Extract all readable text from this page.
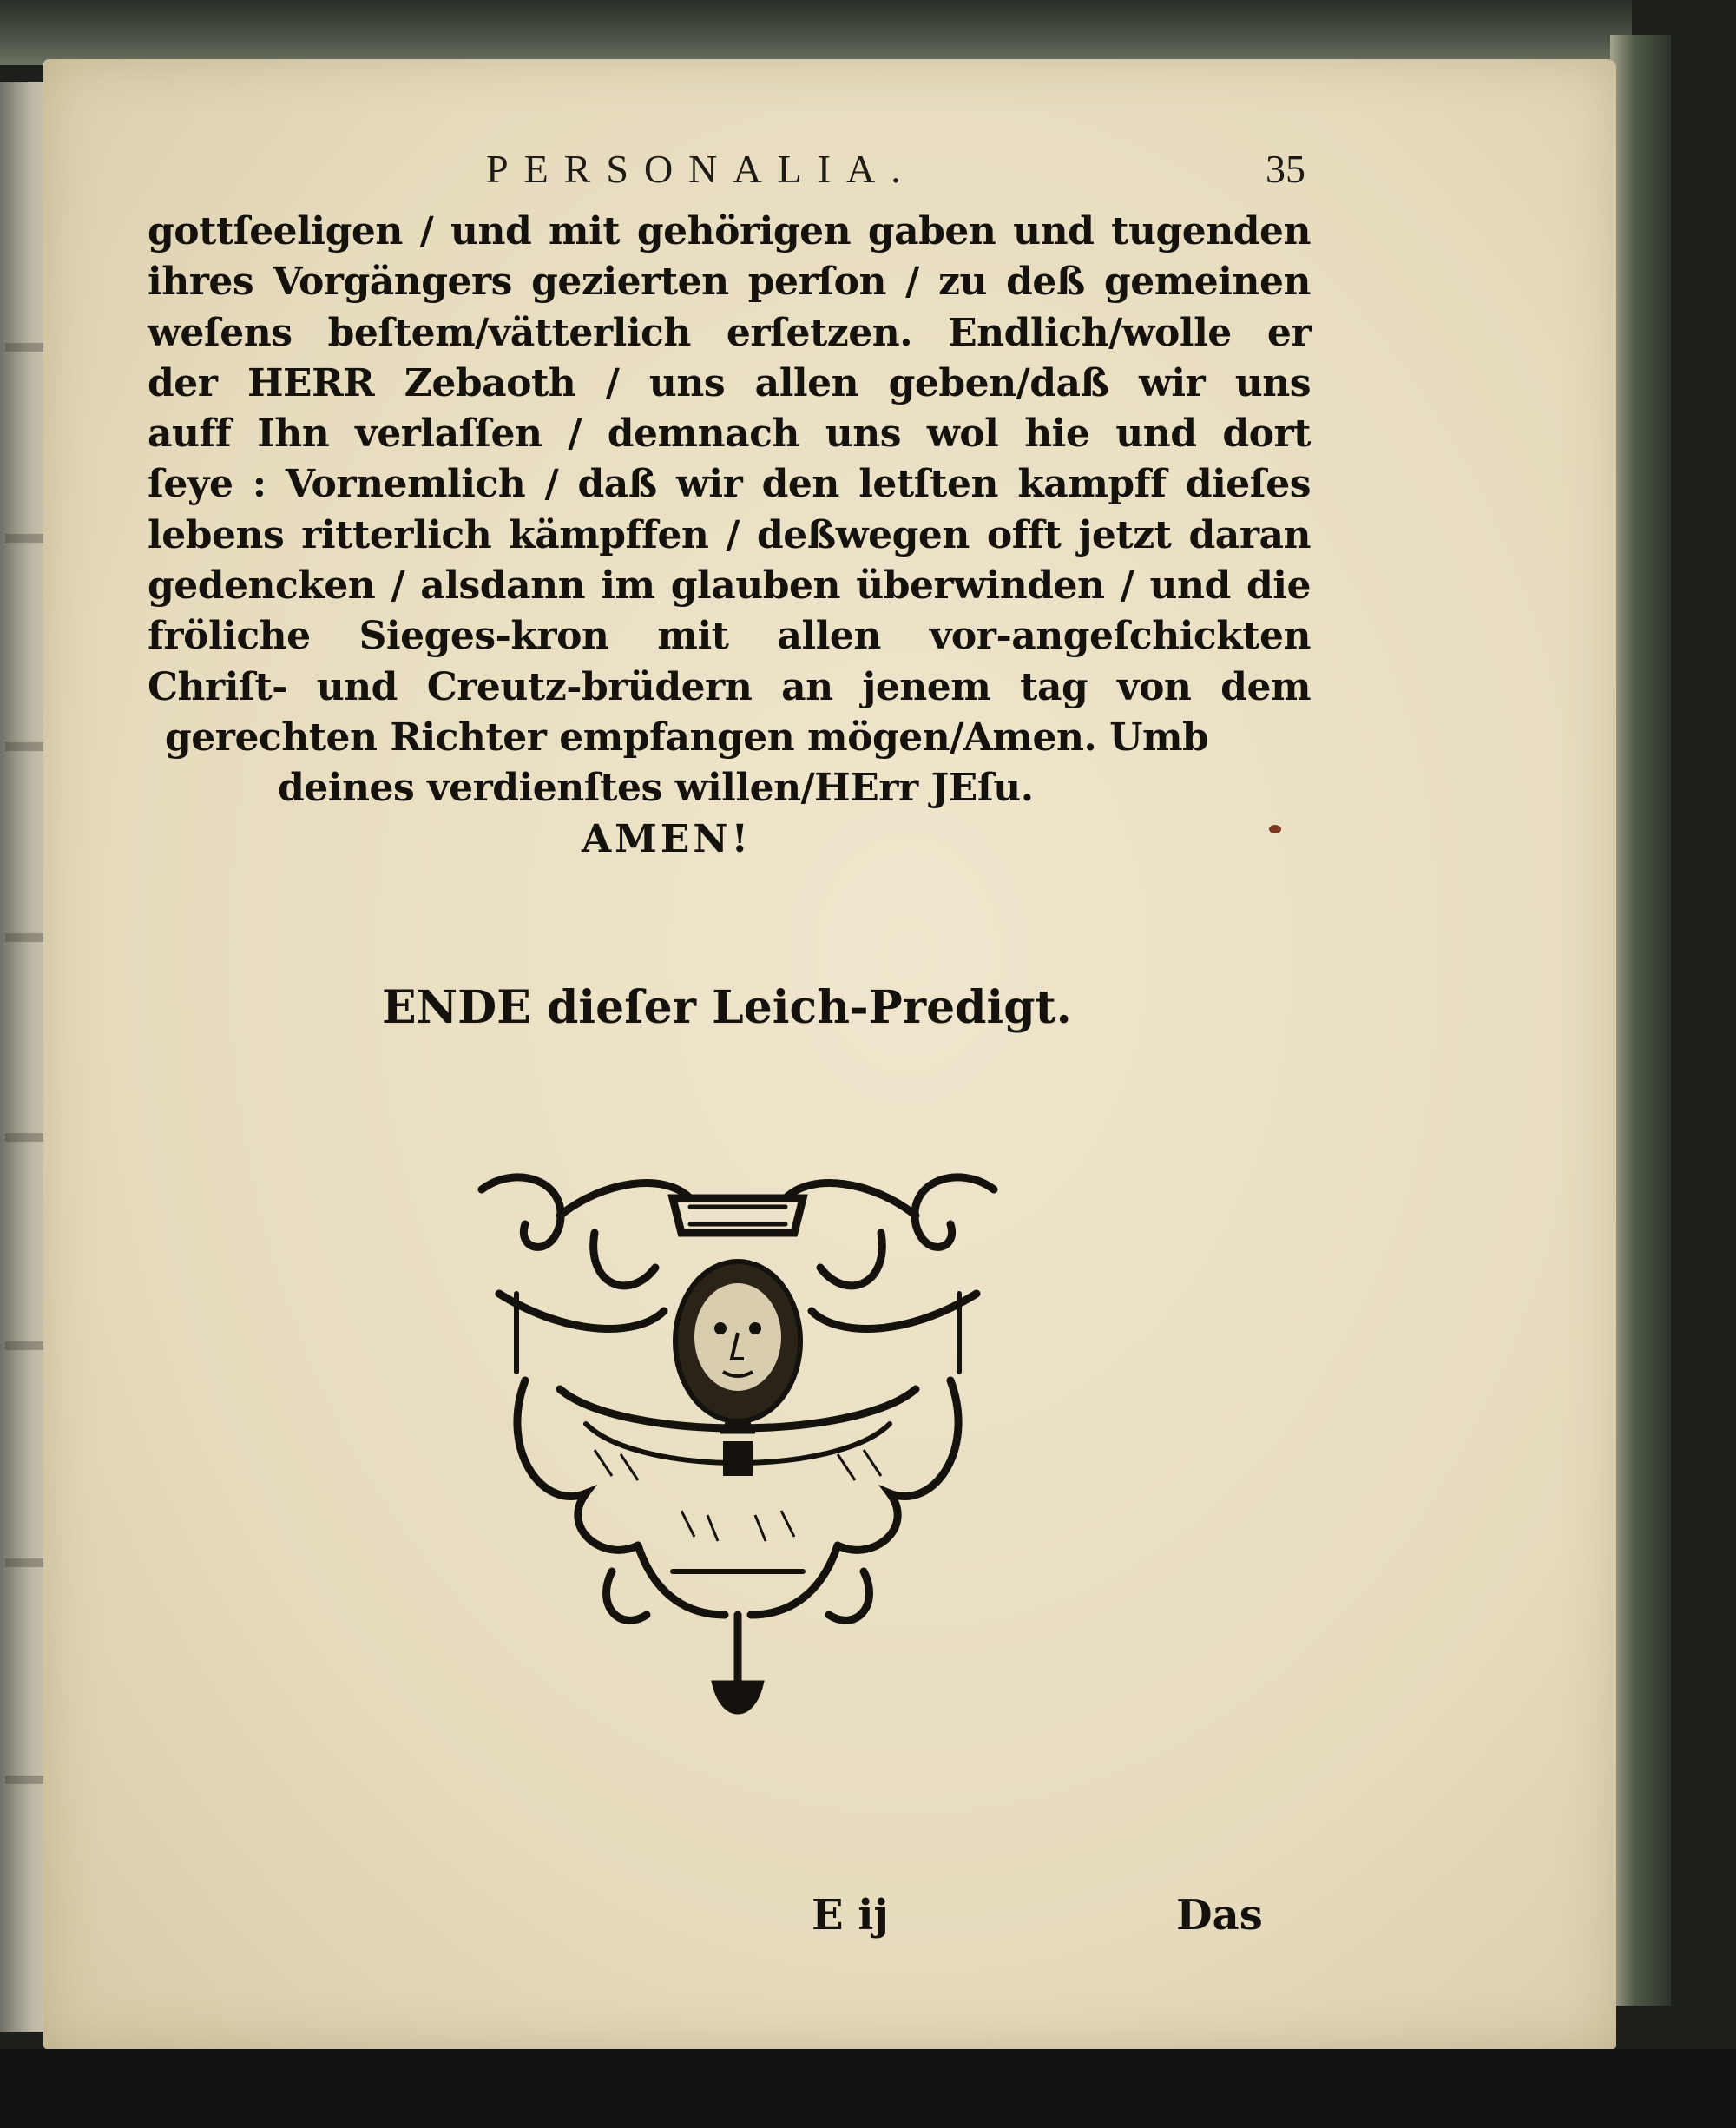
PERSONALIA.	35
gottſeeligen / und mit gehörigen gaben und tugenden
ihres Vorgängers gezierten perſon / zu deß gemeinen
weſens beſtem/vätterlich erſetzen. Endlich/wolle er
der HERR Zebaoth / uns allen geben/daß wir uns
auff Ihn verlaſſen / demnach uns wol hie und dort
ſeye : Vornemlich / daß wir den letſten kampff dieſes
lebens ritterlich kämpffen / deßwegen offt jetzt daran
gedencken / alsdann im glauben überwinden / und die
fröliche Sieges-kron mit allen vor-angeſchickten
Chriſt- und Creutz-brüdern an jenem tag von dem
gerechten Richter empfangen mögen/Amen. Umb
deines verdienſtes willen/HErr JEſu.
AMEN!
ENDE dieſer Leich-Predigt.
E ij	Das
